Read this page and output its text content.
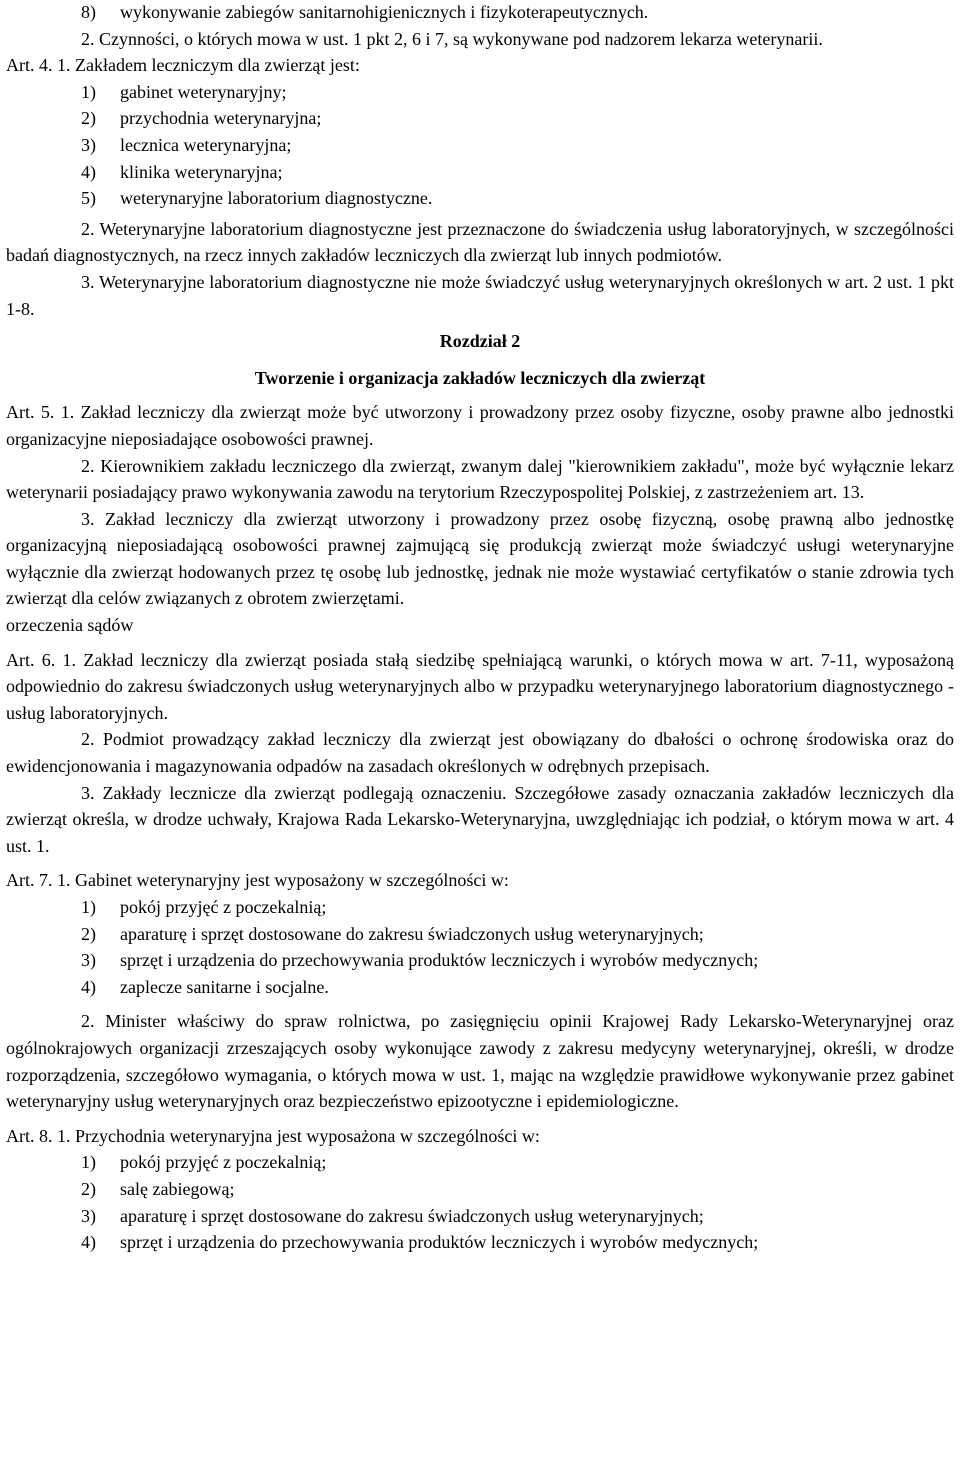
8) wykonywanie zabiegów sanitarnohigienicznych i fizykoterapeutycznych.

2. Czynności, o których mowa w ust. 1 pkt 2, 6 i 7, są wykonywane pod nadzorem lekarza weterynarii.

Art. 4. 1. Zakładem leczniczym dla zwierząt jest:

1) gabinet weterynaryjny;
2) przychodnia weterynaryjna;
3) lecznica weterynaryjna;
4) klinika weterynaryjna;
5) weterynaryjne laboratorium diagnostyczne.

2. Weterynaryjne laboratorium diagnostyczne jest przeznaczone do świadczenia usług laboratoryjnych, w szczególności badań diagnostycznych, na rzecz innych zakładów leczniczych dla zwierząt lub innych podmiotów.

3. Weterynaryjne laboratorium diagnostyczne nie może świadczyć usług weterynaryjnych określonych w art. 2 ust. 1 pkt 1-8.

Rozdział 2

Tworzenie i organizacja zakładów leczniczych dla zwierząt

Art. 5. 1. Zakład leczniczy dla zwierząt może być utworzony i prowadzony przez osoby fizyczne, osoby prawne albo jednostki organizacyjne nieposiadające osobowości prawnej.

2. Kierownikiem zakładu leczniczego dla zwierząt, zwanym dalej "kierownikiem zakładu", może być wyłącznie lekarz weterynarii posiadający prawo wykonywania zawodu na terytorium Rzeczypospolitej Polskiej, z zastrzeżeniem art. 13.

3. Zakład leczniczy dla zwierząt utworzony i prowadzony przez osobę fizyczną, osobę prawną albo jednostkę organizacyjną nieposiadającą osobowości prawnej zajmującą się produkcją zwierząt może świadczyć usługi weterynaryjne wyłącznie dla zwierząt hodowanych przez tę osobę lub jednostkę, jednak nie może wystawiać certyfikatów o stanie zdrowia tych zwierząt dla celów związanych z obrotem zwierzętami.

orzeczenia sądów

Art. 6. 1. Zakład leczniczy dla zwierząt posiada stałą siedzibę spełniającą warunki, o których mowa w art. 7-11, wyposażoną odpowiednio do zakresu świadczonych usług weterynaryjnych albo w przypadku weterynaryjnego laboratorium diagnostycznego - usług laboratoryjnych.

2. Podmiot prowadzący zakład leczniczy dla zwierząt jest obowiązany do dbałości o ochronę środowiska oraz do ewidencjonowania i magazynowania odpadów na zasadach określonych w odrębnych przepisach.

3. Zakłady lecznicze dla zwierząt podlegają oznaczeniu. Szczegółowe zasady oznaczania zakładów leczniczych dla zwierząt określa, w drodze uchwały, Krajowa Rada Lekarsko-Weterynaryjna, uwzględniając ich podział, o którym mowa w art. 4 ust. 1.

Art. 7. 1. Gabinet weterynaryjny jest wyposażony w szczególności w:

1) pokój przyjęć z poczekalnią;
2) aparaturę i sprzęt dostosowane do zakresu świadczonych usług weterynaryjnych;
3) sprzęt i urządzenia do przechowywania produktów leczniczych i wyrobów medycznych;
4) zaplecze sanitarne i socjalne.

2. Minister właściwy do spraw rolnictwa, po zasięgnięciu opinii Krajowej Rady Lekarsko-Weterynaryjnej oraz ogólnokrajowych organizacji zrzeszających osoby wykonujące zawody z zakresu medycyny weterynaryjnej, określi, w drodze rozporządzenia, szczegółowo wymagania, o których mowa w ust. 1, mając na względzie prawidłowe wykonywanie przez gabinet weterynaryjny usług weterynaryjnych oraz bezpieczeństwo epizootyczne i epidemiologiczne.

Art. 8. 1. Przychodnia weterynaryjna jest wyposażona w szczególności w:

1) pokój przyjęć z poczekalnią;
2) salę zabiegową;
3) aparaturę i sprzęt dostosowane do zakresu świadczonych usług weterynaryjnych;
4) sprzęt i urządzenia do przechowywania produktów leczniczych i wyrobów medycznych;
